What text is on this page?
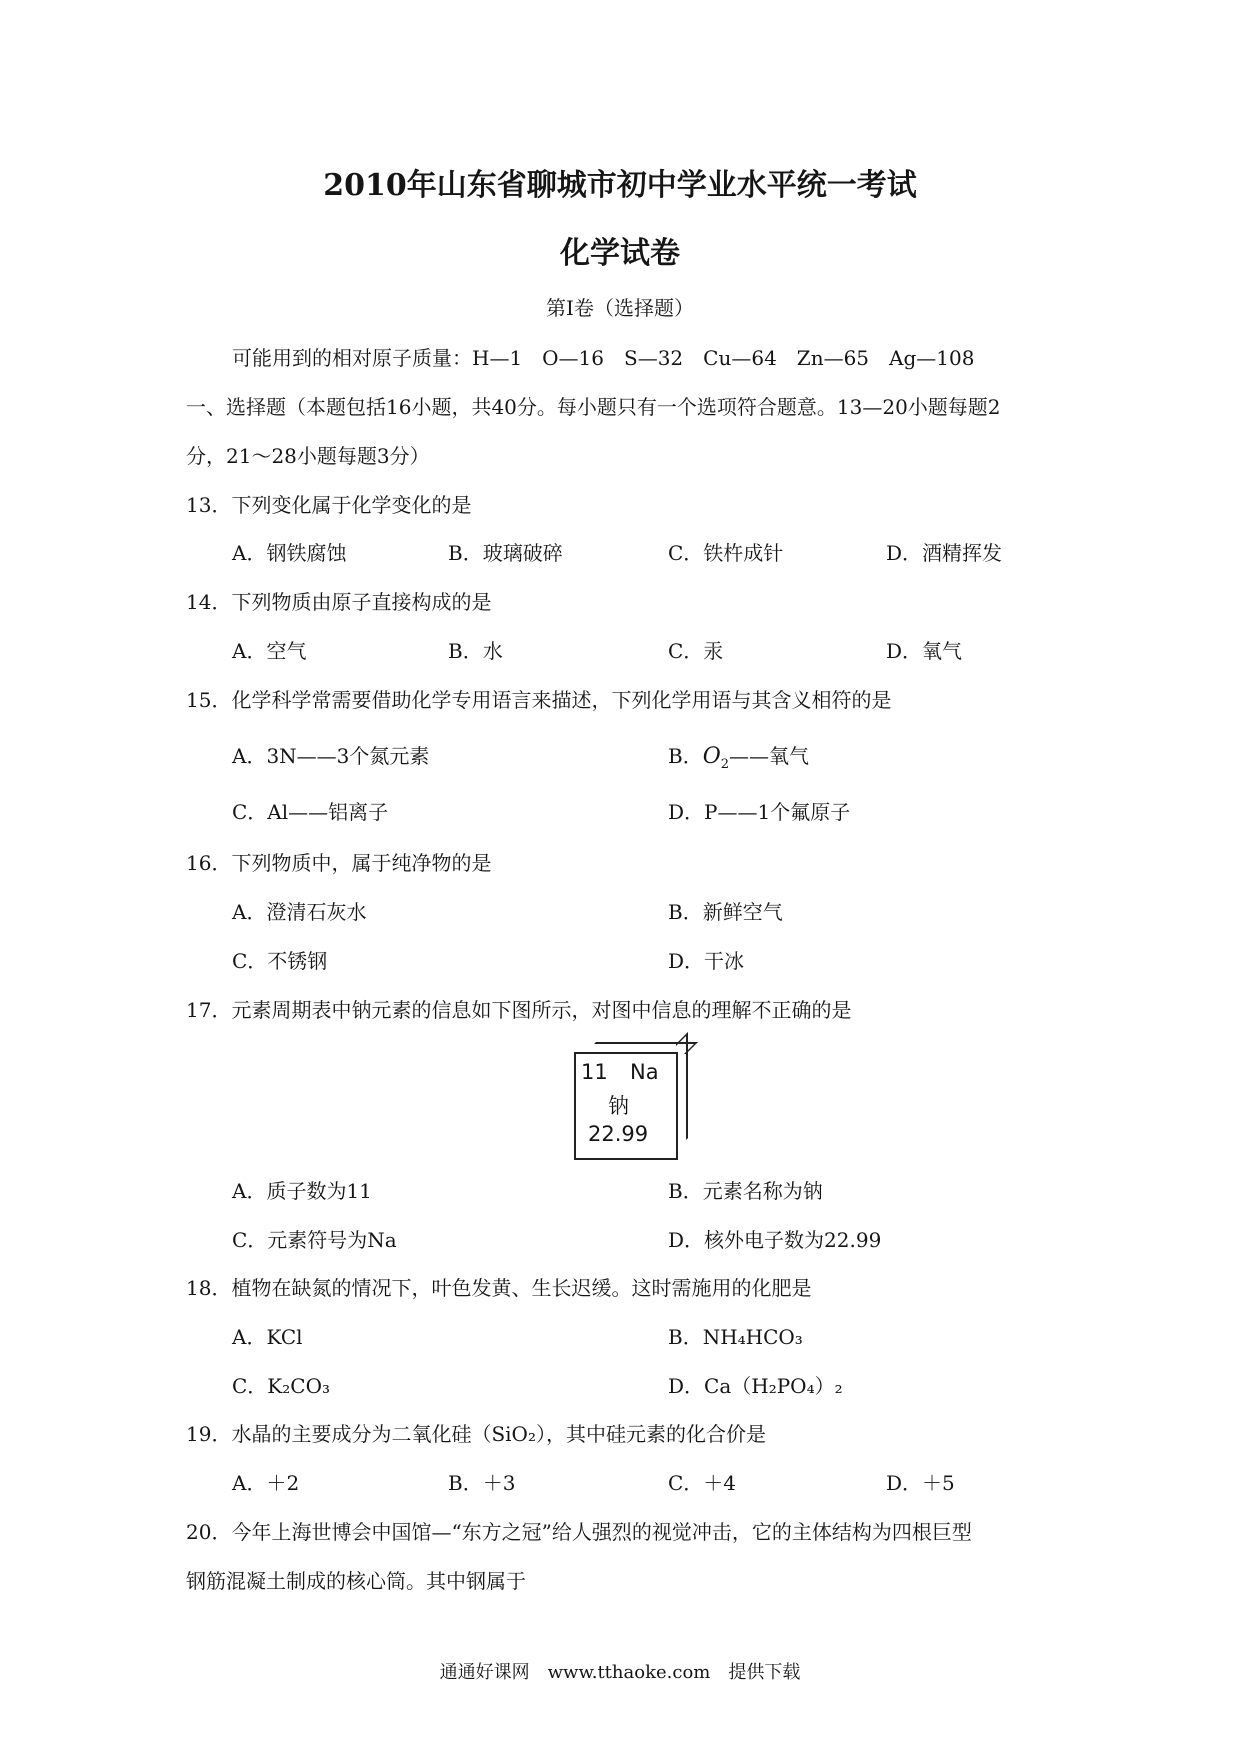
2010年山东省聊城市初中学业水平统一考试
化学试卷
第Ⅰ卷（选择题）
可能用到的相对原子质量：H—1　O—16　S—32　Cu—64　Zn—65　Ag—108
一、选择题（本题包括16小题，共40分。每小题只有一个选项符合题意。13—20小题每题2
分，21～28小题每题3分）
13．下列变化属于化学变化的是
A．钢铁腐蚀	B．玻璃破碎	C．铁杵成针	D．酒精挥发
14．下列物质由原子直接构成的是
A．空气	B．水	C．汞	D．氧气
15．化学科学常需要借助化学专用语言来描述，下列化学用语与其含义相符的是
A．3N——3个氮元素	B．$O_2——$氧气
C．Al——铝离子	D．P——1个氟原子
16．下列物质中，属于纯净物的是
A．澄清石灰水	B．新鲜空气
C．不锈钢	D．干冰
17．元素周期表中钠元素的信息如下图所示，对图中信息的理解不正确的是
11 Na
钠
22.99
A．质子数为11	B．元素名称为钠
C．元素符号为Na	D．核外电子数为22.99
18．植物在缺氮的情况下，叶色发黄、生长迟缓。这时需施用的化肥是
A．KCl	B．NH₄HCO₃
C．K₂CO₃	D．Ca（H₂PO₄）₂
19．水晶的主要成分为二氧化硅（SiO₂），其中硅元素的化合价是
A．＋2	B．＋3	C．＋4	D．＋5
20．今年上海世博会中国馆—“东方之冠”给人强烈的视觉冲击，它的主体结构为四根巨型
钢筋混凝土制成的核心筒。其中钢属于
通通好课网　www.tthaoke.com　提供下载
